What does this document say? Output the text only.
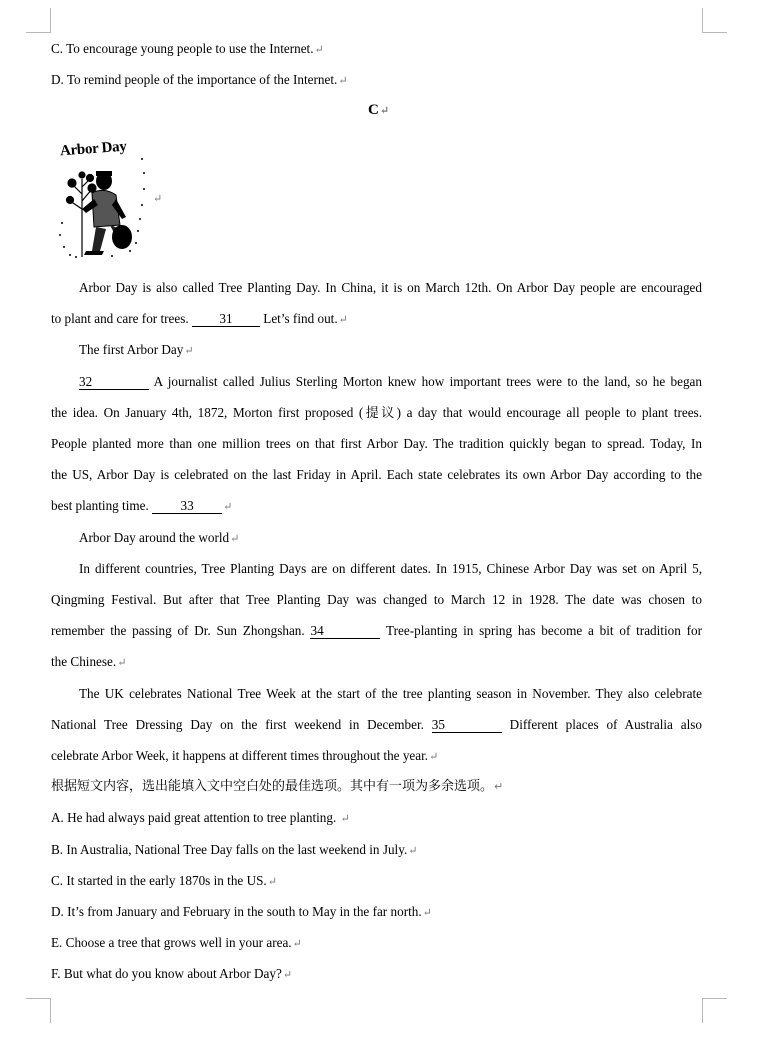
C. To encourage young people to use the Internet.↵
D. To remind people of the importance of the Internet.↵
C↵
Arbor Day
↵
Arbor Day is also called Tree Planting Day. In China, it is on March 12th. On Arbor Day people are encouraged
to plant and care for trees. 31 Let’s find out.↵
The first Arbor Day↵
32	A journalist called Julius Sterling Morton knew how important trees were to the land, so he began
the idea. On January 4th, 1872, Morton first proposed (提议) a day that would encourage all people to plant trees.
People planted more than one million trees on that first Arbor Day. The tradition quickly began to spread. Today, In
the US, Arbor Day is celebrated on the last Friday in April. Each state celebrates its own Arbor Day according to the
best planting time. 33	↵
Arbor Day around the world↵
In different countries, Tree Planting Days are on different dates. In 1915, Chinese Arbor Day was set on April 5,
Qingming Festival. But after that Tree Planting Day was changed to March 12 in 1928. The date was chosen to
remember the passing of Dr. Sun Zhongshan. 34	Tree-planting in spring has become a bit of tradition for
the Chinese.↵
The UK celebrates National Tree Week at the start of the tree planting season in November. They also celebrate
National Tree Dressing Day on the first weekend in December. 35	Different places of Australia also
celebrate Arbor Week, it happens at different times throughout the year.↵
根据短文内容，选出能填入文中空白处的最佳选项。其中有一项为多余选项。↵
A. He had always paid great attention to tree planting. ↵
B. In Australia, National Tree Day falls on the last weekend in July.↵
C. It started in the early 1870s in the US.↵
D. It’s from January and February in the south to May in the far north.↵
E. Choose a tree that grows well in your area.↵
F. But what do you know about Arbor Day?↵
